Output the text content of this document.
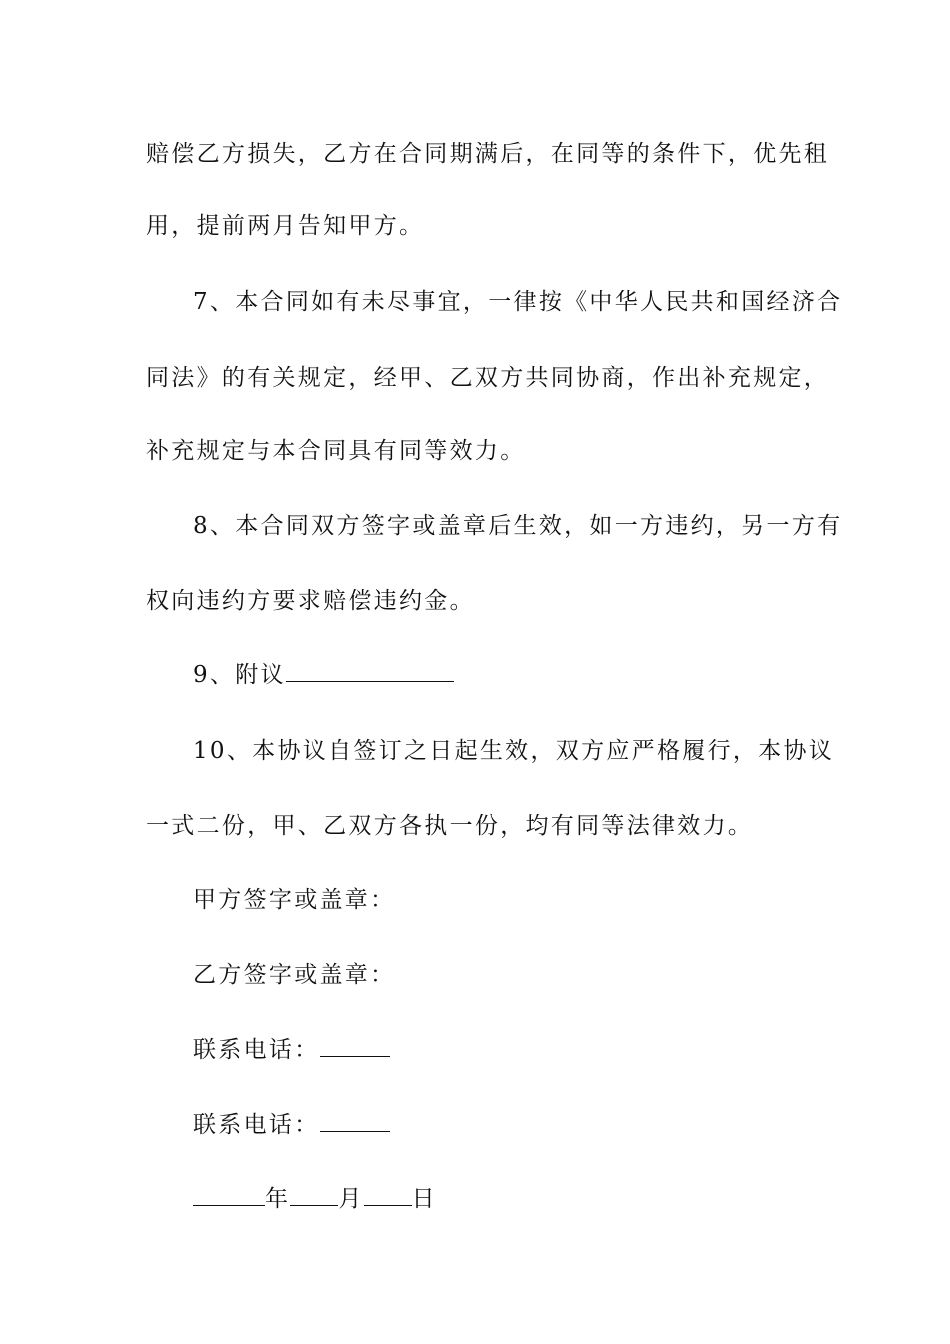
赔偿乙方损失，乙方在合同期满后，在同等的条件下，优先租
用，提前两月告知甲方。
7、本合同如有未尽事宜，一律按《中华人民共和国经济合
同法》的有关规定，经甲、乙双方共同协商，作出补充规定，
补充规定与本合同具有同等效力。
8、本合同双方签字或盖章后生效，如一方违约，另一方有
权向违约方要求赔偿违约金。
9、附议
10、本协议自签订之日起生效，双方应严格履行，本协议
一式二份，甲、乙双方各执一份，均有同等法律效力。
甲方签字或盖章：
乙方签字或盖章：
联系电话：
联系电话：
年 月 日
